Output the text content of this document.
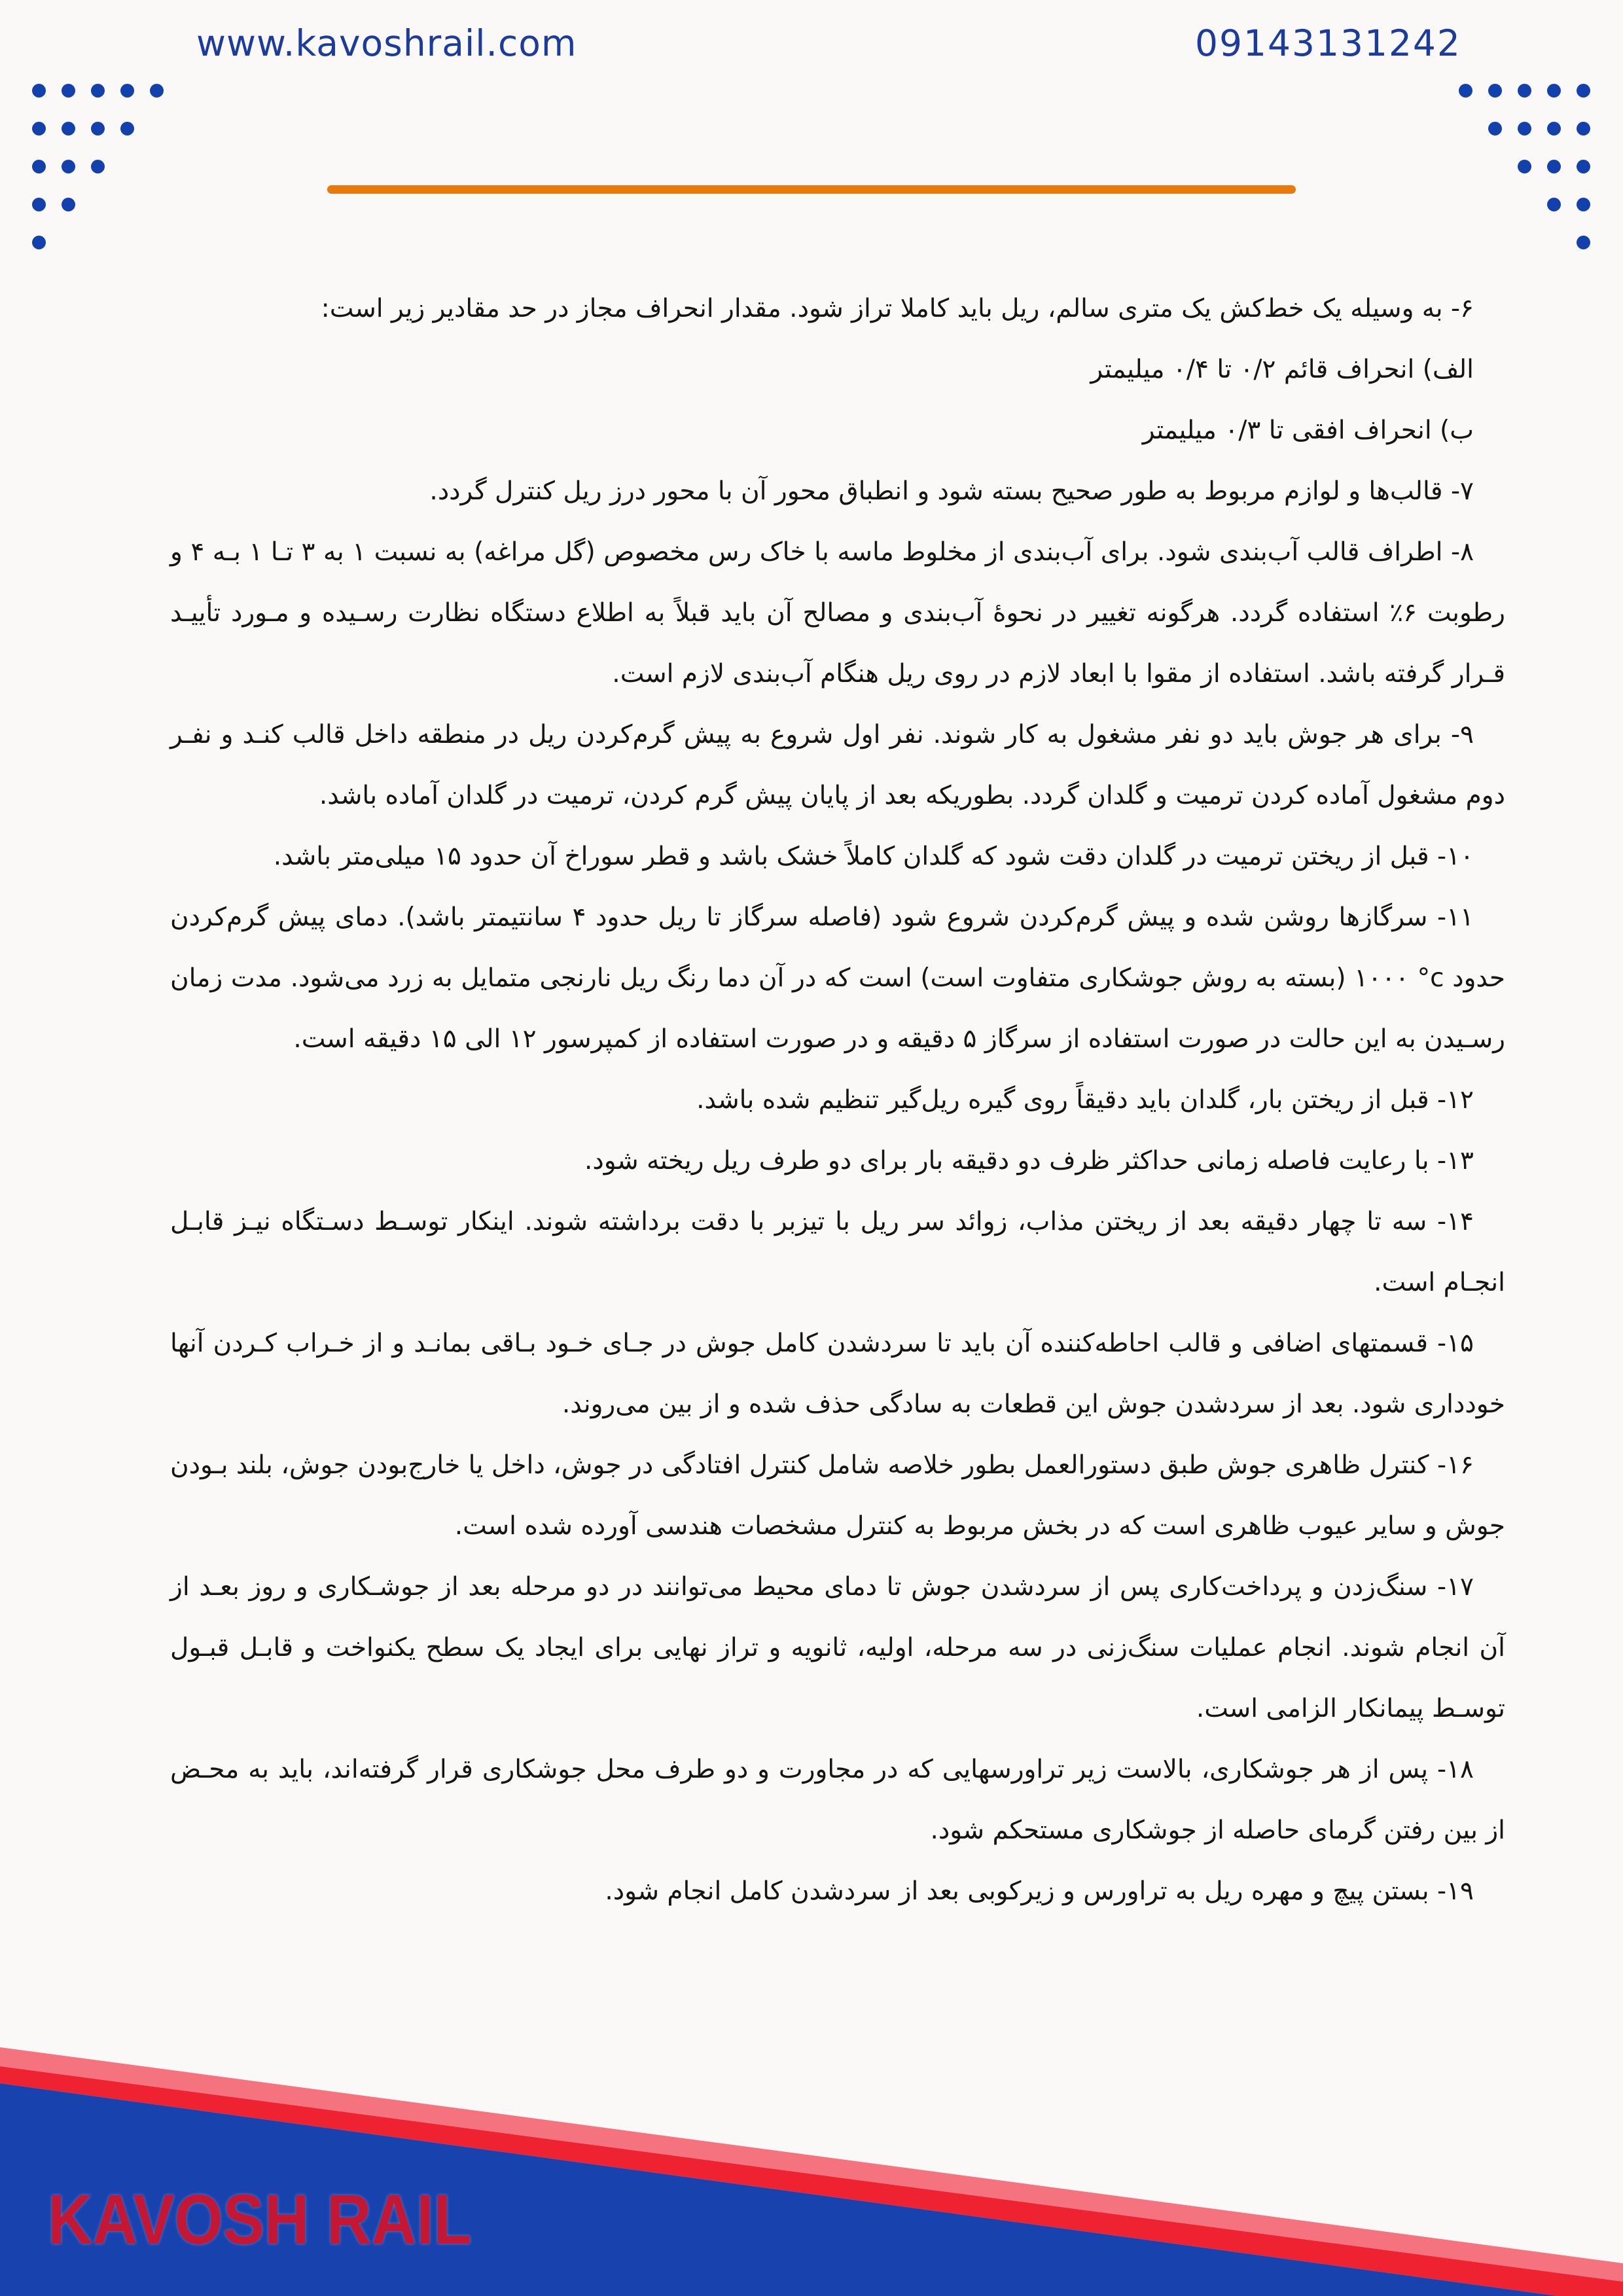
www.kavoshrail.com	09143131242

۶- به وسیله یک خط‌کش یک متری سالم، ریل باید کاملا تراز شود. مقدار انحراف مجاز در حد مقادیر زیر است:

الف) انحراف قائم ۰/۲ تا ۰/۴ میلیمتر

ب) انحراف افقی تا ۰/۳ میلیمتر

۷- قالب‌ها و لوازم مربوط به طور صحیح بسته شود و انطباق محور آن با محور درز ریل کنترل گردد.

۸- اطراف قالب آب‌بندی شود. برای آب‌بندی از مخلوط ماسه با خاک رس مخصوص (گل مراغه) به نسبت ۱ به ۳ تـا ۱ بـه ۴ و رطوبت ۶٪ استفاده گردد. هرگونه تغییر در نحوهٔ آب‌بندی و مصالح آن باید قبلاً به اطلاع دستگاه نظارت رسـیده و مـورد تأییـد قـرار گرفته باشد. استفاده از مقوا با ابعاد لازم در روی ریل هنگام آب‌بندی لازم است.

۹- برای هر جوش باید دو نفر مشغول به کار شوند. نفر اول شروع به پیش گرم‌کردن ریل در منطقه داخل قالب کنـد و نفـر دوم مشغول آماده کردن ترمیت و گلدان گردد. بطوریکه بعد از پایان پیش گرم کردن، ترمیت در گلدان آماده باشد.

۱۰- قبل از ریختن ترمیت در گلدان دقت شود که گلدان کاملاً خشک باشد و قطر سوراخ آن حدود ۱۵ میلی‌متر باشد.

۱۱- سرگازها روشن شده و پیش گرم‌کردن شروع شود (فاصله سرگاز تا ریل حدود ۴ سانتیمتر باشد). دمای پیش گرم‌کردن حدود ⁦۱۰۰۰ °c⁩ (بسته به روش جوشکاری متفاوت است) است که در آن دما رنگ ریل نارنجی متمایل به زرد می‌شود. مدت زمان رسـیدن به این حالت در صورت استفاده از سرگاز ۵ دقیقه و در صورت استفاده از کمپرسور ۱۲ الی ۱۵ دقیقه است.

۱۲- قبل از ریختن بار، گلدان باید دقیقاً روی گیره ریل‌گیر تنظیم شده باشد.

۱۳- با رعایت فاصله زمانی حداکثر ظرف دو دقیقه بار برای دو طرف ریل ریخته شود.

۱۴- سه تا چهار دقیقه بعد از ریختن مذاب، زوائد سر ریل با تیزبر با دقت برداشته شوند. اینکار توسـط دسـتگاه نیـز قابـل انجـام است.

۱۵- قسمتهای اضافی و قالب احاطه‌کننده آن باید تا سردشدن کامل جوش در جـای خـود بـاقی بمانـد و از خـراب کـردن آنها خودداری شود. بعد از سردشدن جوش این قطعات به سادگی حذف شده و از بین می‌روند.

۱۶- کنترل ظاهری جوش طبق دستورالعمل بطور خلاصه شامل کنترل افتادگی در جوش، داخل یا خارج‌بودن جوش، بلند بـودن جوش و سایر عیوب ظاهری است که در بخش مربوط به کنترل مشخصات هندسی آورده شده است.

۱۷- سنگ‌زدن و پرداخت‌کاری پس از سردشدن جوش تا دمای محیط می‌توانند در دو مرحله بعد از جوشـکاری و روز بعـد از آن انجام شوند. انجام عملیات سنگ‌زنی در سه مرحله، اولیه، ثانویه و تراز نهایی برای ایجاد یک سطح یکنواخت و قابـل قبـول توسـط پیمانکار الزامی است.

۱۸- پس از هر جوشکاری، بالاست زیر تراورسهایی که در مجاورت و دو طرف محل جوشکاری قرار گرفته‌اند، باید به محـض از بین رفتن گرمای حاصله از جوشکاری مستحکم شود.

۱۹- بستن پیچ و مهره ریل به تراورس و زیرکوبی بعد از سردشدن کامل انجام شود.

KAVOSH RAIL
